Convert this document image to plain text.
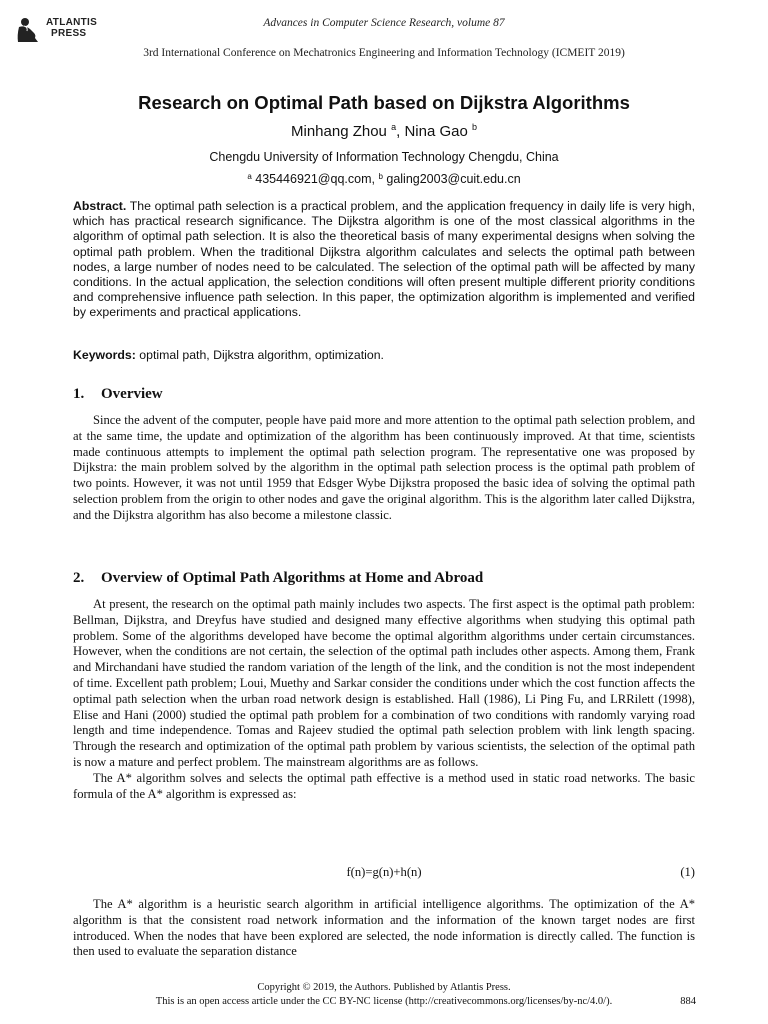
ATLANTIS
PRESS
Advances in Computer Science Research, volume 87
3rd International Conference on Mechatronics Engineering and Information Technology (ICMEIT 2019)
Research on Optimal Path based on Dijkstra Algorithms
Minhang Zhou $^a$, Nina Gao $^b$
Chengdu University of Information Technology Chengdu, China
$^a$ 435446921@qq.com, $^b$ galing2003@cuit.edu.cn
Abstract. The optimal path selection is a practical problem, and the application frequency in daily life is very high, which has practical research significance. The Dijkstra algorithm is one of the most classical algorithms in the algorithm of optimal path selection. It is also the theoretical basis of many experimental designs when solving the optimal path problem. When the traditional Dijkstra algorithm calculates and selects the optimal path between nodes, a large number of nodes need to be calculated. The selection of the optimal path will be affected by many conditions. In the actual application, the selection conditions will often present multiple different priority conditions and comprehensive influence path selection. In this paper, the optimization algorithm is implemented and verified by experiments and practical applications.
Keywords: optimal path, Dijkstra algorithm, optimization.
1. Overview

Since the advent of the computer, people have paid more and more attention to the optimal path selection problem, and at the same time, the update and optimization of the algorithm has been continuously improved. At that time, scientists made continuous attempts to implement the optimal path selection program. The representative one was proposed by Dijkstra: the main problem solved by the algorithm in the optimal path selection process is the optimal path problem of two points. However, it was not until 1959 that Edsger Wybe Dijkstra proposed the basic idea of solving the optimal path selection problem from the origin to other nodes and gave the original algorithm. This is the algorithm later called Dijkstra, and the Dijkstra algorithm has also become a milestone classic.

2. Overview of Optimal Path Algorithms at Home and Abroad

At present, the research on the optimal path mainly includes two aspects. The first aspect is the optimal path problem: Bellman, Dijkstra, and Dreyfus have studied and designed many effective algorithms when studying this optimal path problem. Some of the algorithms developed have become the optimal algorithm algorithms under certain circumstances. However, when the conditions are not certain, the selection of the optimal path includes other aspects. Among them, Frank and Mirchandani have studied the random variation of the length of the link, and the condition is not the most independent of time. Excellent path problem; Loui, Muethy and Sarkar consider the conditions under which the cost function affects the optimal path selection when the urban road network design is established. Hall (1986), Li Ping Fu, and LRRilett (1998), Elise and Hani (2000) studied the optimal path problem for a combination of two conditions with randomly varying road length and time independence. Tomas and Rajeev studied the optimal path selection problem with link length spacing. Through the research and optimization of the optimal path problem by various scientists, the selection of the optimal path is now a mature and perfect problem. The mainstream algorithms are as follows.

The A* algorithm solves and selects the optimal path effective is a method used in static road networks. The basic formula of the A* algorithm is expressed as:

f(n)=g(n)+h(n)	(1)

The A* algorithm is a heuristic search algorithm in artificial intelligence algorithms. The optimization of the A* algorithm is that the consistent road network information and the information of the known target nodes are first introduced. When the nodes that have been explored are selected, the node information is directly called. The function is then used to evaluate the separation distance

Copyright © 2019, the Authors. Published by Atlantis Press.
This is an open access article under the CC BY-NC license (http://creativecommons.org/licenses/by-nc/4.0/).	884
